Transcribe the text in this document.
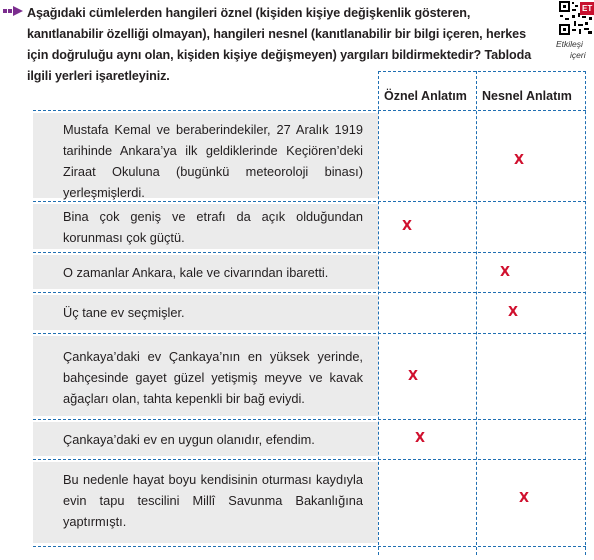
Aşağıdaki cümlelerden hangileri öznel (kişiden kişiye değişkenlik gösteren, kanıtlanabilir özelliği olmayan), hangileri nesnel (kanıtlanabilir bir bilgi içeren, herkes için doğruluğu aynı olan, kişiden kişiye değişmeyen) yargıları bildirmektedir? Tabloda ilgili yerleri işaretleyiniz.
ET
Etkileşi
içeri
Öznel Anlatım Nesnel Anlatım
Mustafa Kemal ve beraberindekiler, 27 Aralık 1919 tarihinde Ankara’ya ilk geldiklerinde Keçiören’deki Ziraat Okuluna (bugünkü meteoroloji binası) yerleşmişlerdi.
Bina çok geniş ve etrafı da açık olduğundan korunması çok güçtü.
O zamanlar Ankara, kale ve civarından ibaretti.
Üç tane ev seçmişler.
Çankaya’daki ev Çankaya’nın en yüksek yerinde, bahçesinde gayet güzel yetişmiş meyve ve kavak ağaçları olan, tahta kepenkli bir bağ eviydi.
Çankaya’daki ev en uygun olanıdır, efendim.
Bu nedenle hayat boyu kendisinin oturması kaydıyla evin tapu tescilini Millî Savunma Bakanlığına yaptırmıştı.
X
X
X
X
X
X
X
